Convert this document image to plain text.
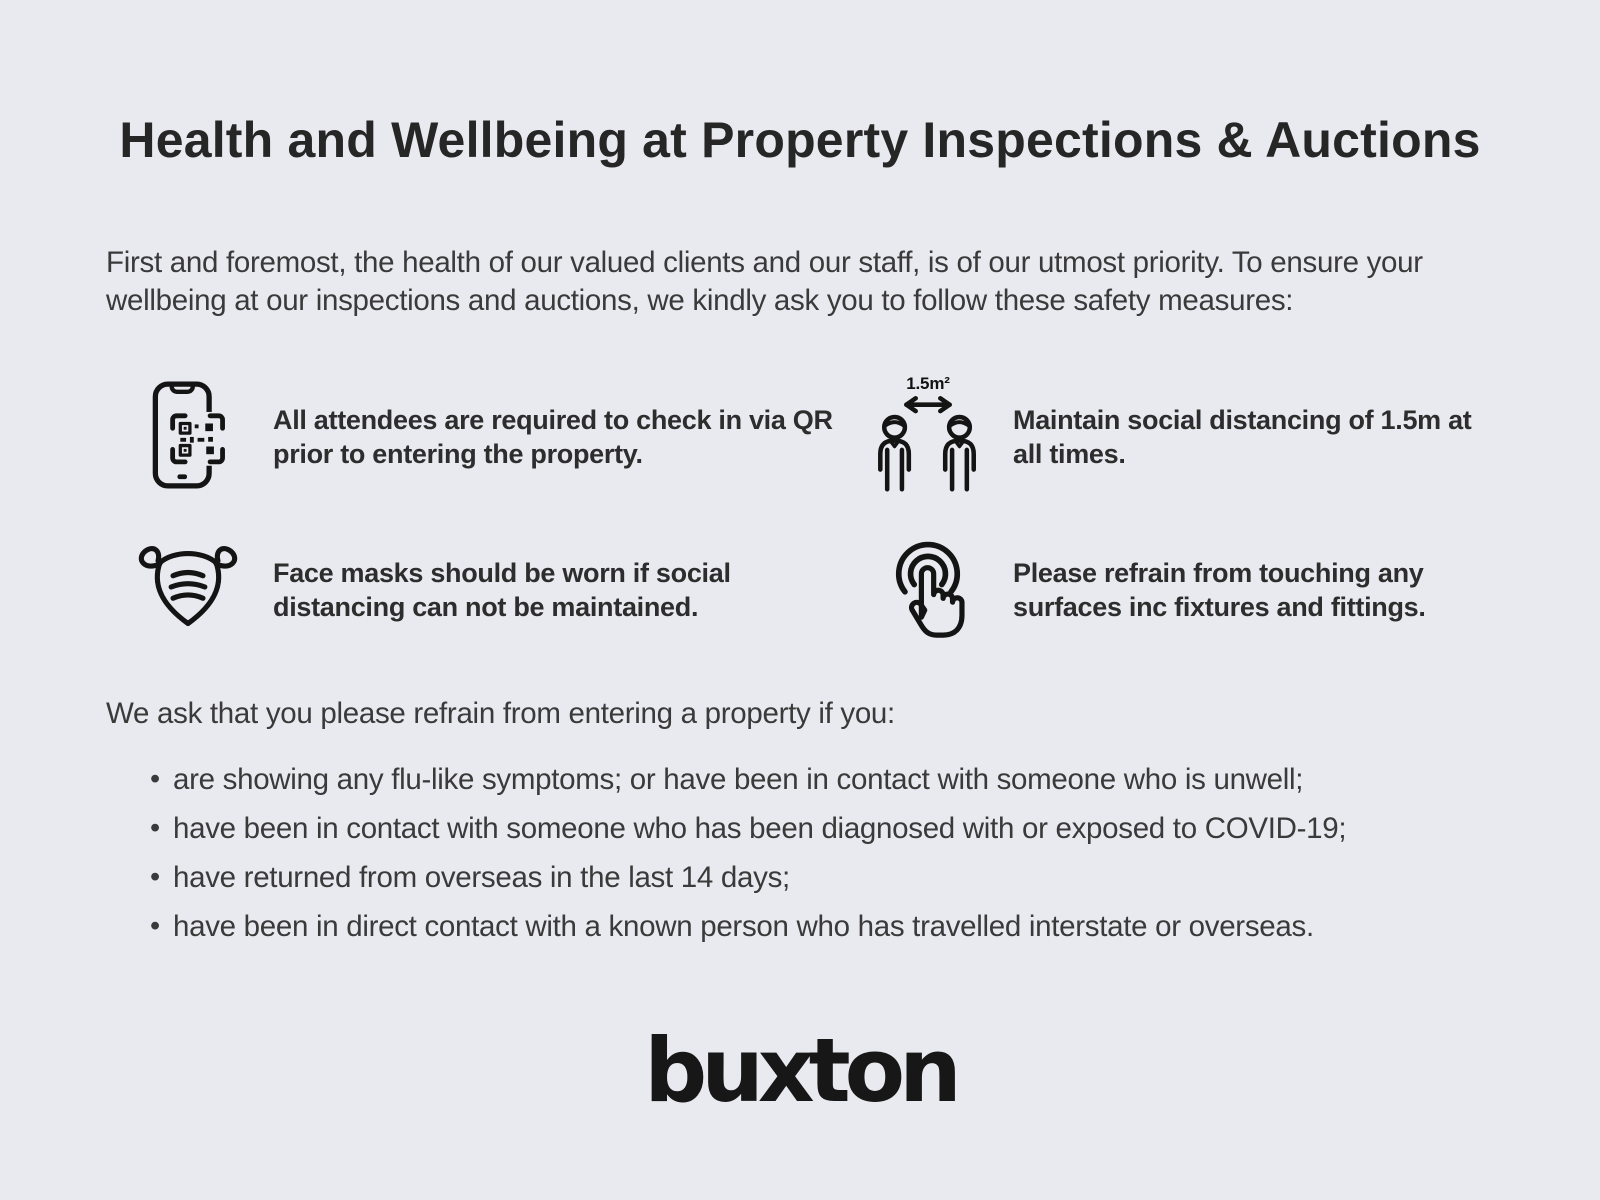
Health and Wellbeing at Property Inspections & Auctions

First and foremost, the health of our valued clients and our staff, is of our utmost priority. To ensure your wellbeing at our inspections and auctions, we kindly ask you to follow these safety measures:

All attendees are required to check in via QR prior to entering the property.
1.5m²
Maintain social distancing of 1.5m at all times.
Face masks should be worn if social distancing can not be maintained.
Please refrain from touching any surfaces inc fixtures and fittings.

We ask that you please refrain from entering a property if you:

• are showing any flu-like symptoms; or have been in contact with someone who is unwell;
• have been in contact with someone who has been diagnosed with or exposed to COVID-19;
• have returned from overseas in the last 14 days;
• have been in direct contact with a known person who has travelled interstate or overseas.
buxton
